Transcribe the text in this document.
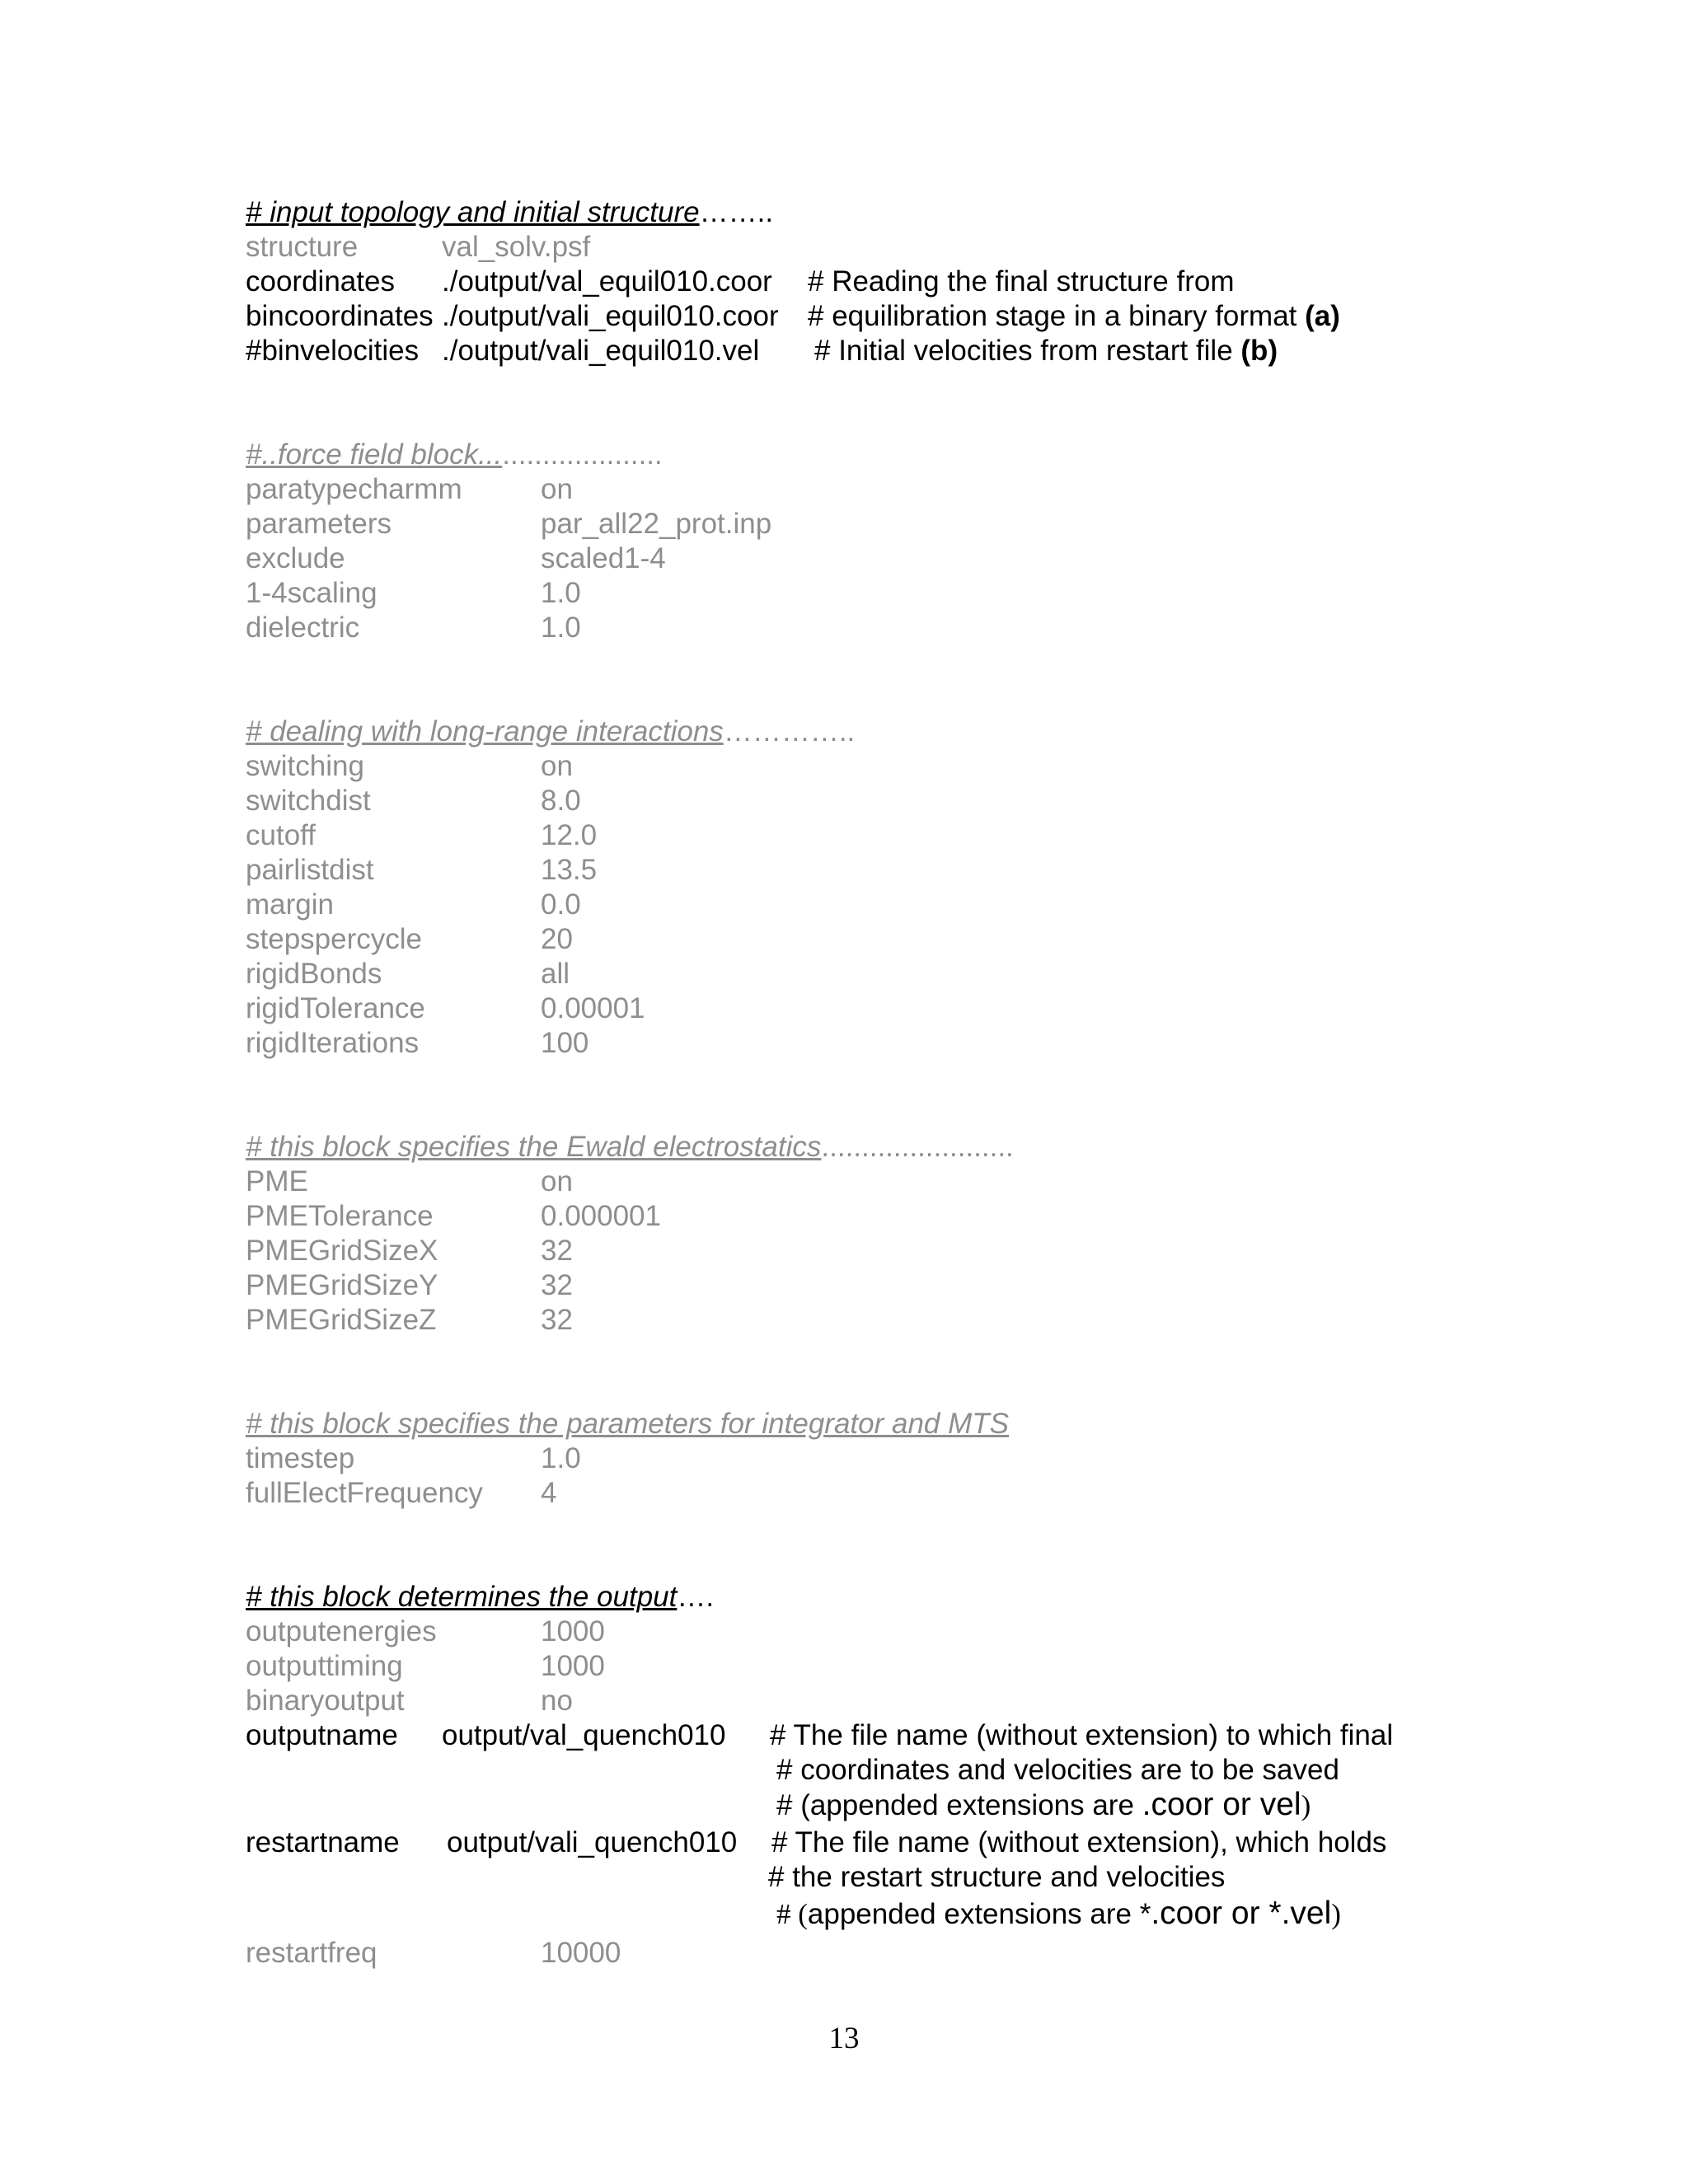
# input topology and initial structure……..
structure	val_solv.psf
coordinates ./output/val_equil010.coor # Reading the final structure from
bincoordinates ./output/vali_equil010.coor # equilibration stage in a binary format (a)
#binvelocities ./output/vali_equil010.vel # Initial velocities from restart file (b)
#..force field block.......................
paratypecharmm	on
parameters	par_all22_prot.inp
exclude	scaled1-4
1-4scaling	1.0
dielectric	1.0
# dealing with long-range interactions…………..
switching	on
switchdist	8.0
cutoff	12.0
pairlistdist	13.5
margin	0.0
stepspercycle	20
rigidBonds	all
rigidTolerance	0.00001
rigidIterations	100
# this block specifies the Ewald electrostatics........................
PME	on
PMETolerance	0.000001
PMEGridSizeX	32
PMEGridSizeY	32
PMEGridSizeZ	32
# this block specifies the parameters for integrator and MTS
timestep	1.0
fullElectFrequency 4
# this block determines the output….
outputenergies	1000
outputtiming	1000
binaryoutput	no
outputname output/val_quench010 # The file name (without extension) to which final
# coordinates and velocities are to be saved
# (appended extensions are .coor or vel)
restartname output/vali_quench010 # The file name (without extension), which holds
# the restart structure and velocities
# (appended extensions are *.coor or *.vel)
restartfreq	10000
13
